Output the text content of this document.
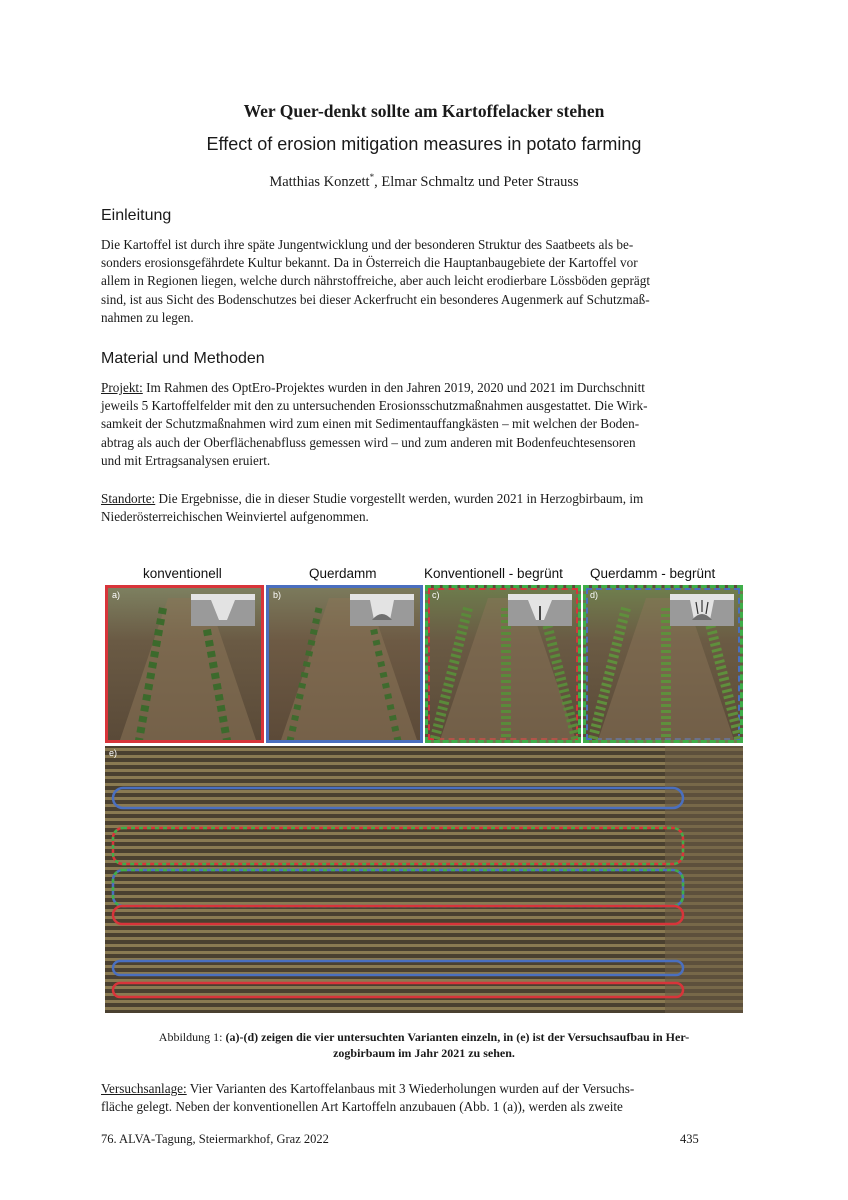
Wer Quer-denkt sollte am Kartoffelacker stehen
Effect of erosion mitigation measures in potato farming
Matthias Konzett*, Elmar Schmaltz und Peter Strauss
Einleitung
Die Kartoffel ist durch ihre späte Jungentwicklung und der besonderen Struktur des Saatbeets als be-
sonders erosionsgefährdete Kultur bekannt. Da in Österreich die Hauptanbaugebiete der Kartoffel vor
allem in Regionen liegen, welche durch nährstoffreiche, aber auch leicht erodierbare Lössböden geprägt
sind, ist aus Sicht des Bodenschutzes bei dieser Ackerfrucht ein besonderes Augenmerk auf Schutzmaß-
nahmen zu legen.
Material und Methoden
Projekt: Im Rahmen des OptEro-Projektes wurden in den Jahren 2019, 2020 und 2021 im Durchschnitt
jeweils 5 Kartoffelfelder mit den zu untersuchenden Erosionsschutzmaßnahmen ausgestattet. Die Wirk-
samkeit der Schutzmaßnahmen wird zum einen mit Sedimentauffangkästen – mit welchen der Boden-
abtrag als auch der Oberflächenabfluss gemessen wird – und zum anderen mit Bodenfeuchtesensoren
und mit Ertragsanalysen eruiert.
Standorte: Die Ergebnisse, die in dieser Studie vorgestellt werden, wurden 2021 in Herzogbirbaum, im
Niederösterreichischen Weinviertel aufgenommen.
konventionell	Querdamm	Konventionell - begrünt Querdamm - begrünt
a)	b)	c)	d)
e)
Abbildung 1: (a)-(d) zeigen die vier untersuchten Varianten einzeln, in (e) ist der Versuchsaufbau in Her-
zogbirbaum im Jahr 2021 zu sehen.
Versuchsanlage: Vier Varianten des Kartoffelanbaus mit 3 Wiederholungen wurden auf der Versuchs-
fläche gelegt. Neben der konventionellen Art Kartoffeln anzubauen (Abb. 1 (a)), werden als zweite
76. ALVA-Tagung, Steiermarkhof, Graz 2022	435
